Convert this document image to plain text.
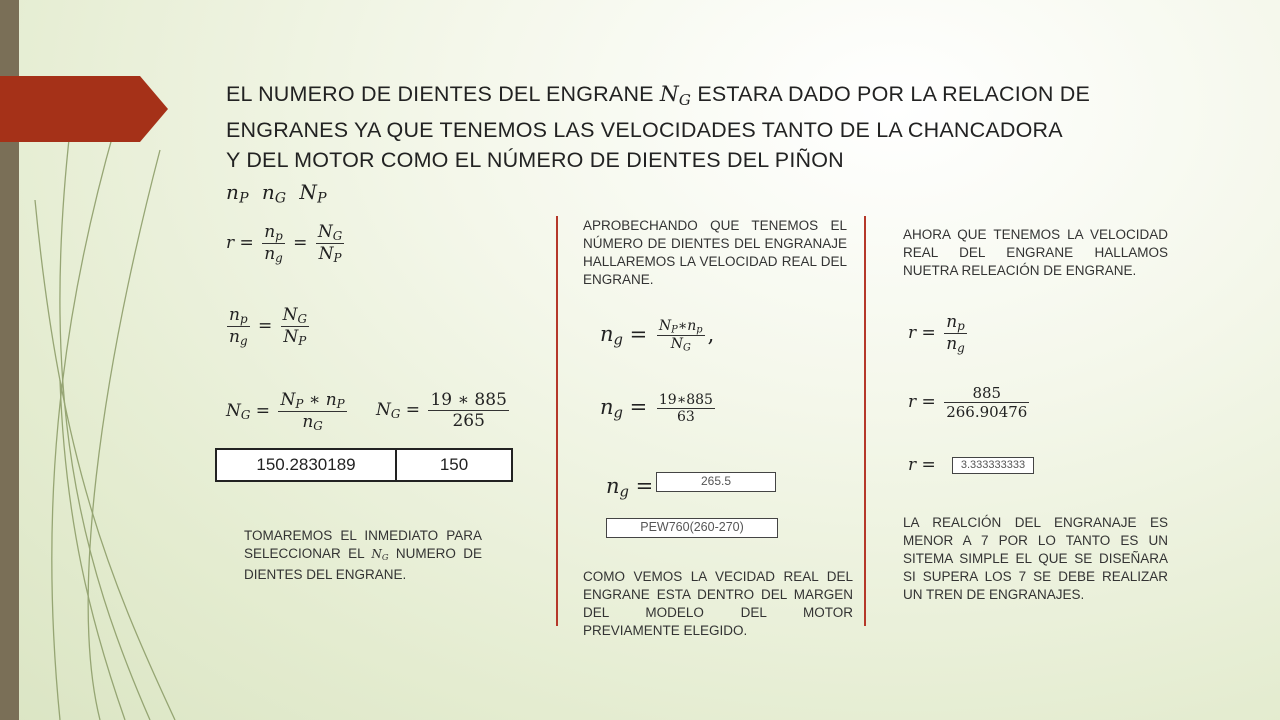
EL NUMERO DE DIENTES DEL ENGRANE $N_G$ ESTARA DADO POR LA RELACION DE
ENGRANES YA QUE TENEMOS LAS VELOCIDADES TANTO DE LA CHANCADORA
Y DEL MOTOR COMO EL NÚMERO DE DIENTES DEL PIÑON
$n_P$  $n_G$  $N_P$
$r = \frac{n_p}{n_g} = \frac{N_G}{N_P}$
$\frac{n_p}{n_g} = \frac{N_G}{N_P}$
$N_G = \frac{N_P ∗ n_P}{n_G} N_G = \frac{19 ∗ 885}{265}$
150.2830189	150
TOMAREMOS EL INMEDIATO PARA SELECCIONAR EL $N_G$ NUMERO DE DIENTES DEL ENGRANE.
APROBECHANDO QUE TENEMOS EL NÚMERO DE DIENTES DEL ENGRANAJE HALLAREMOS LA VELOCIDAD REAL DEL ENGRANE.
$n_g = \frac{N_P∗n_p}{N_G}$ ,
$n_g = \frac{19∗885}{63}$
$n_g$ =	265.5
PEW760(260-270)
COMO VEMOS LA VECIDAD REAL DEL ENGRANE ESTA DENTRO DEL MARGEN DEL MODELO DEL MOTOR PREVIAMENTE ELEGIDO.
AHORA QUE TENEMOS LA VELOCIDAD REAL DEL ENGRANE HALLAMOS NUETRA RELEACIÓN DE ENGRANE.
$r = \frac{n_p}{n_g}$
$r = \frac{885}{266.90476}$
r =	3.333333333
LA REALCIÓN DEL ENGRANAJE ES MENOR A 7 POR LO TANTO ES UN SITEMA SIMPLE EL QUE SE DISEÑARA SI SUPERA LOS 7 SE DEBE REALIZAR UN TREN DE ENGRANAJES.
